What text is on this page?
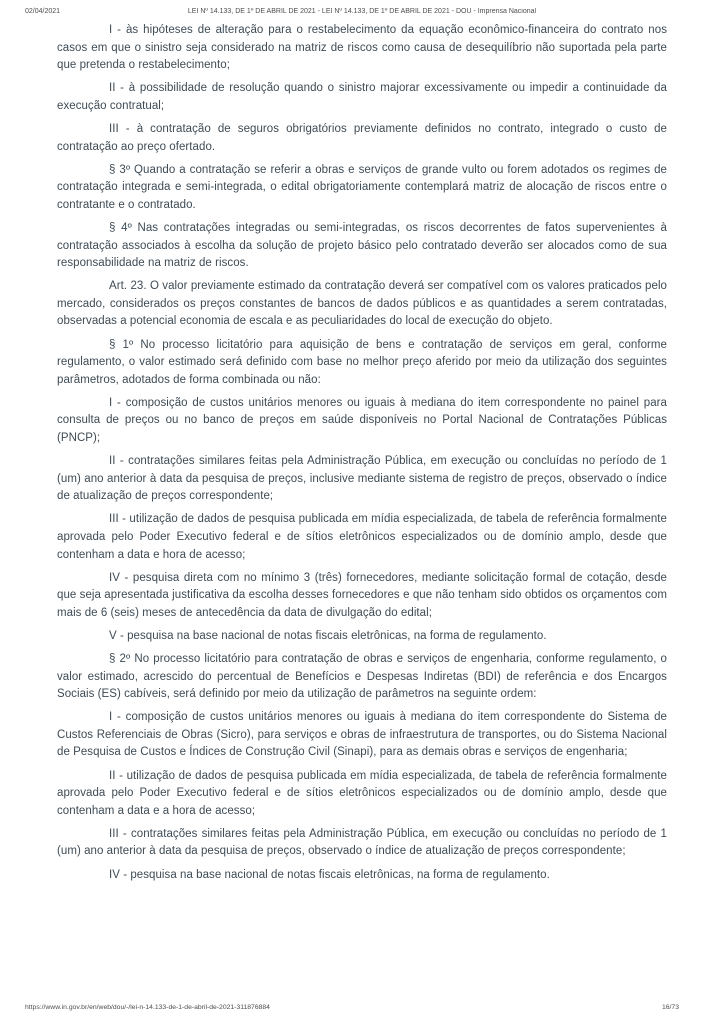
02/04/2021	LEI Nº 14.133, DE 1º DE ABRIL DE 2021 - LEI Nº 14.133, DE 1º DE ABRIL DE 2021 - DOU - Imprensa Nacional

I - às hipóteses de alteração para o restabelecimento da equação econômico-financeira do contrato nos casos em que o sinistro seja considerado na matriz de riscos como causa de desequilíbrio não suportada pela parte que pretenda o restabelecimento;

II - à possibilidade de resolução quando o sinistro majorar excessivamente ou impedir a continuidade da execução contratual;

III - à contratação de seguros obrigatórios previamente definidos no contrato, integrado o custo de contratação ao preço ofertado.

§ 3º Quando a contratação se referir a obras e serviços de grande vulto ou forem adotados os regimes de contratação integrada e semi-integrada, o edital obrigatoriamente contemplará matriz de alocação de riscos entre o contratante e o contratado.

§ 4º Nas contratações integradas ou semi-integradas, os riscos decorrentes de fatos supervenientes à contratação associados à escolha da solução de projeto básico pelo contratado deverão ser alocados como de sua responsabilidade na matriz de riscos.

Art. 23. O valor previamente estimado da contratação deverá ser compatível com os valores praticados pelo mercado, considerados os preços constantes de bancos de dados públicos e as quantidades a serem contratadas, observadas a potencial economia de escala e as peculiaridades do local de execução do objeto.

§ 1º No processo licitatório para aquisição de bens e contratação de serviços em geral, conforme regulamento, o valor estimado será definido com base no melhor preço aferido por meio da utilização dos seguintes parâmetros, adotados de forma combinada ou não:

I - composição de custos unitários menores ou iguais à mediana do item correspondente no painel para consulta de preços ou no banco de preços em saúde disponíveis no Portal Nacional de Contratações Públicas (PNCP);

II - contratações similares feitas pela Administração Pública, em execução ou concluídas no período de 1 (um) ano anterior à data da pesquisa de preços, inclusive mediante sistema de registro de preços, observado o índice de atualização de preços correspondente;

III - utilização de dados de pesquisa publicada em mídia especializada, de tabela de referência formalmente aprovada pelo Poder Executivo federal e de sítios eletrônicos especializados ou de domínio amplo, desde que contenham a data e hora de acesso;

IV - pesquisa direta com no mínimo 3 (três) fornecedores, mediante solicitação formal de cotação, desde que seja apresentada justificativa da escolha desses fornecedores e que não tenham sido obtidos os orçamentos com mais de 6 (seis) meses de antecedência da data de divulgação do edital;

V - pesquisa na base nacional de notas fiscais eletrônicas, na forma de regulamento.

§ 2º No processo licitatório para contratação de obras e serviços de engenharia, conforme regulamento, o valor estimado, acrescido do percentual de Benefícios e Despesas Indiretas (BDI) de referência e dos Encargos Sociais (ES) cabíveis, será definido por meio da utilização de parâmetros na seguinte ordem:

I - composição de custos unitários menores ou iguais à mediana do item correspondente do Sistema de Custos Referenciais de Obras (Sicro), para serviços e obras de infraestrutura de transportes, ou do Sistema Nacional de Pesquisa de Custos e Índices de Construção Civil (Sinapi), para as demais obras e serviços de engenharia;

II - utilização de dados de pesquisa publicada em mídia especializada, de tabela de referência formalmente aprovada pelo Poder Executivo federal e de sítios eletrônicos especializados ou de domínio amplo, desde que contenham a data e a hora de acesso;

III - contratações similares feitas pela Administração Pública, em execução ou concluídas no período de 1 (um) ano anterior à data da pesquisa de preços, observado o índice de atualização de preços correspondente;

IV - pesquisa na base nacional de notas fiscais eletrônicas, na forma de regulamento.

https://www.in.gov.br/en/web/dou/-/lei-n-14.133-de-1-de-abril-de-2021-311876884	16/73
